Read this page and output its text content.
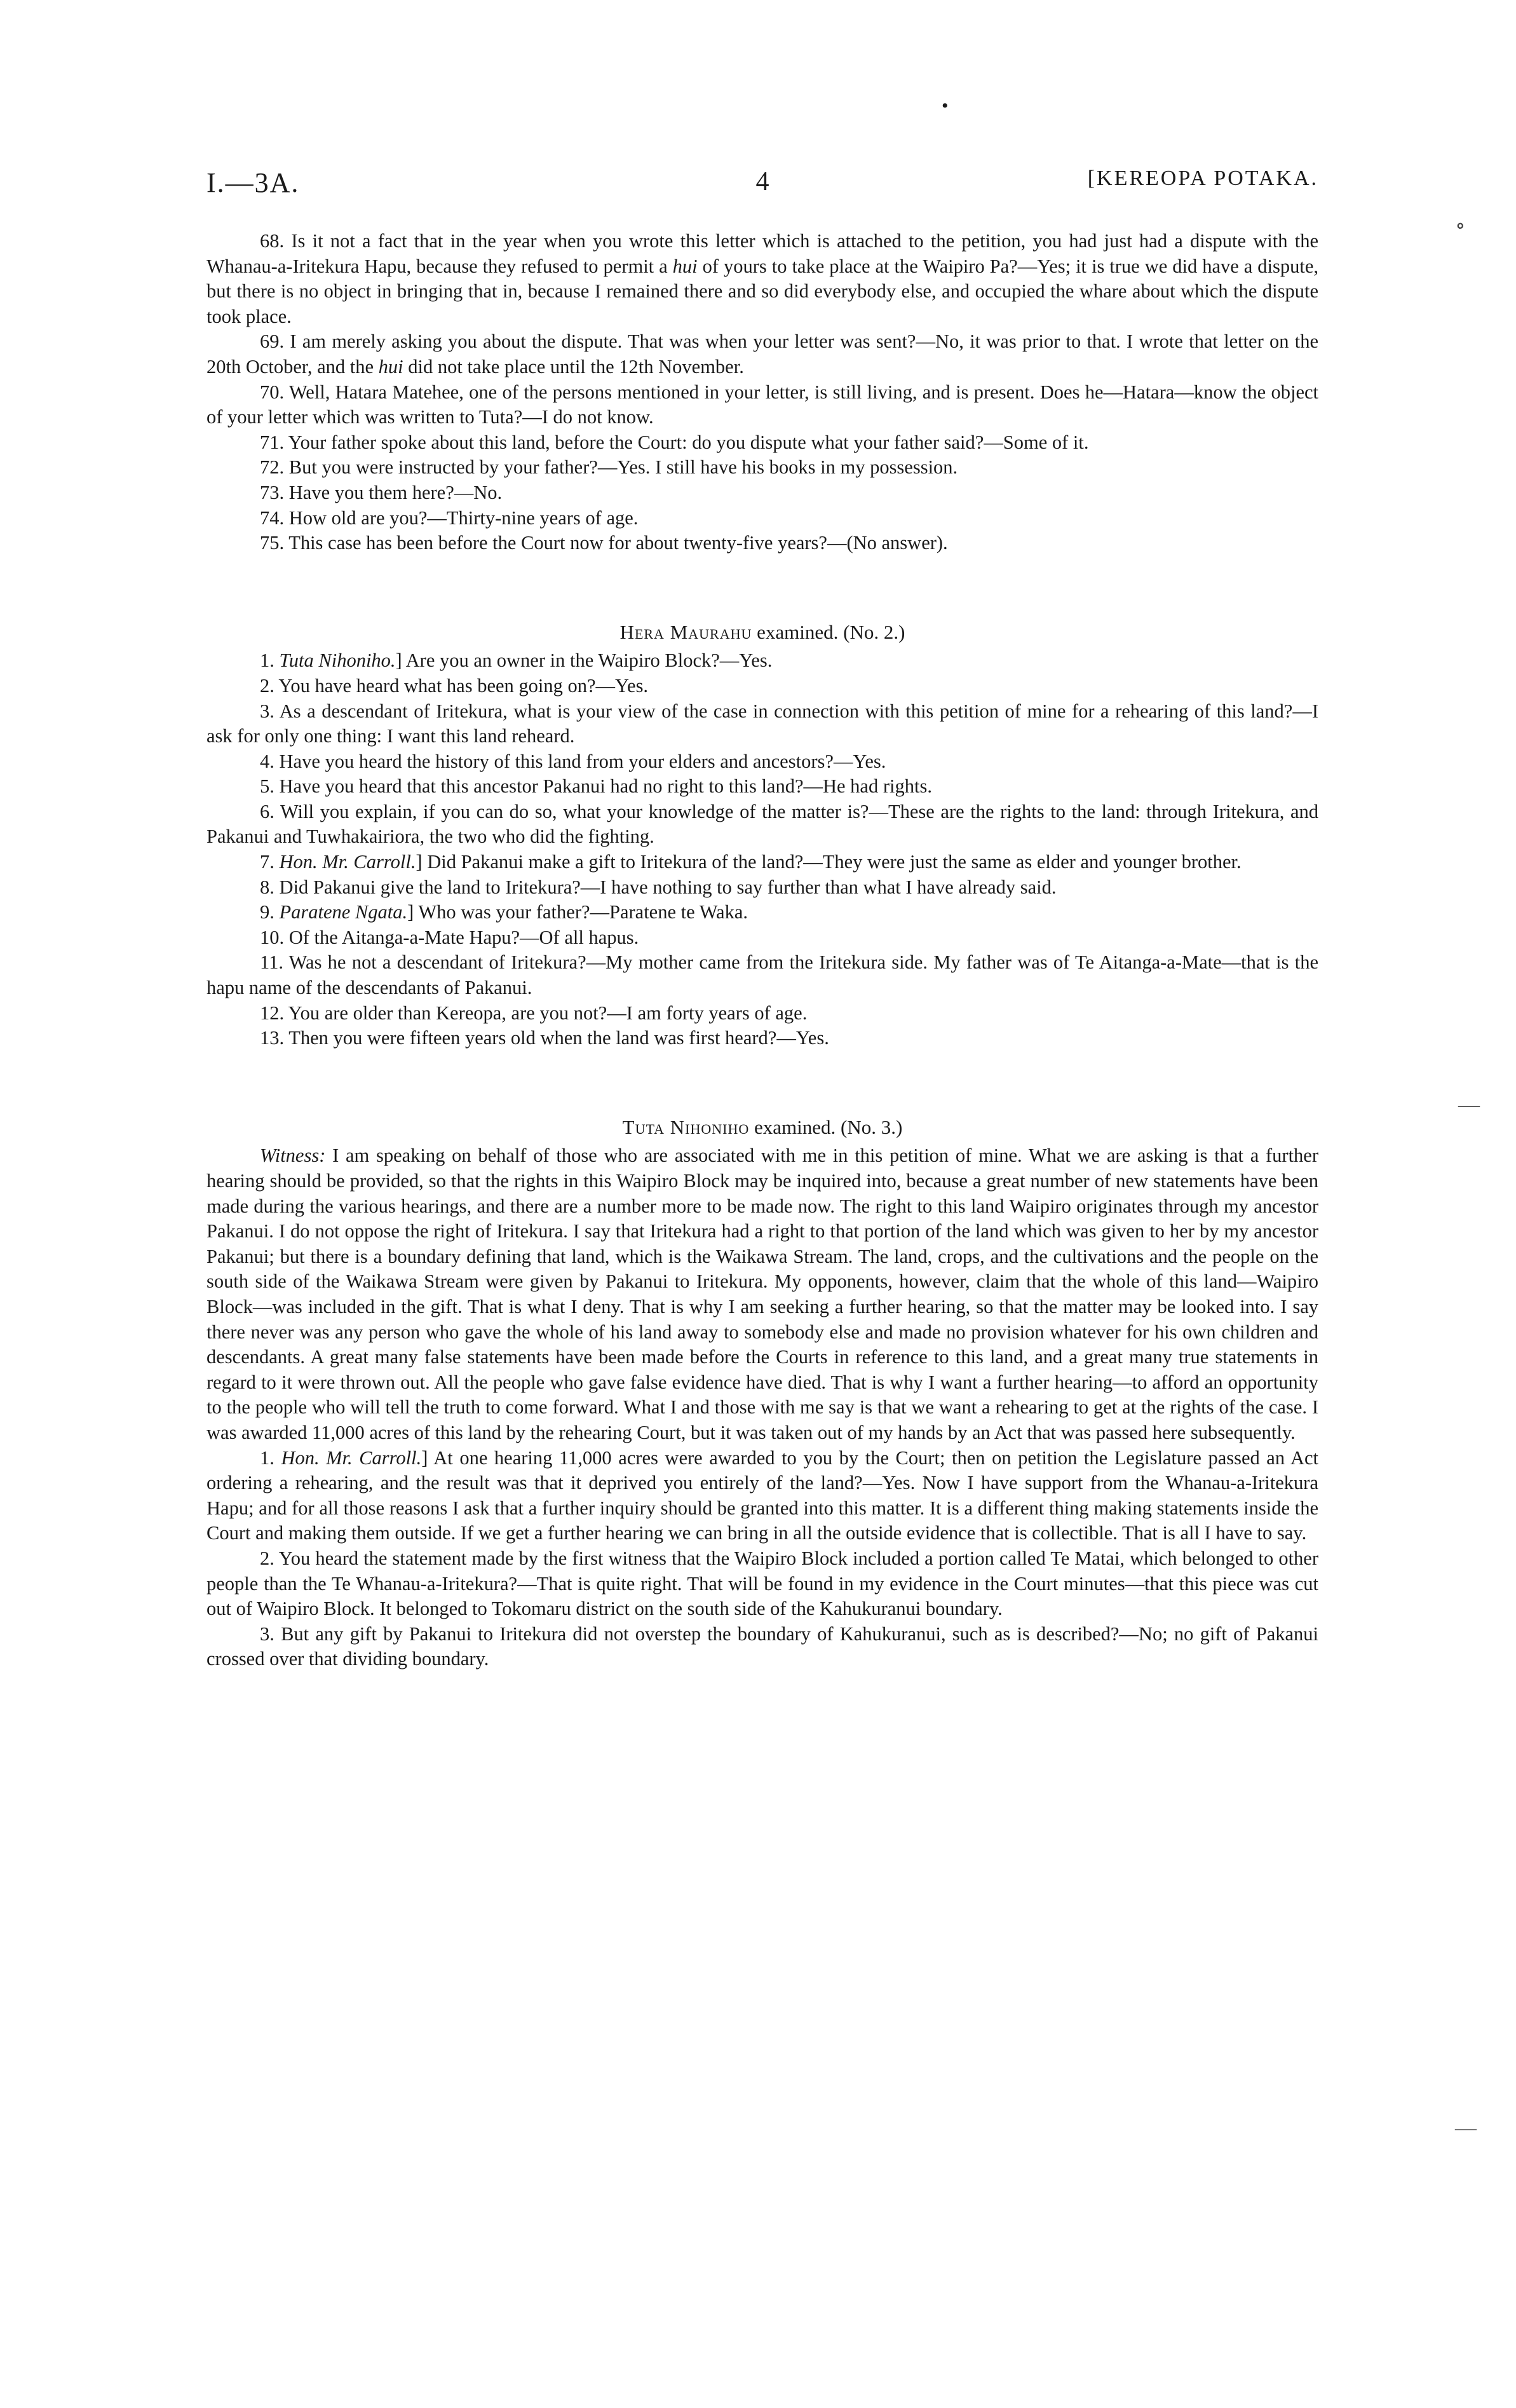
•
I.—3A.	4	[KEREOPA POTAKA.

68. Is it not a fact that in the year when you wrote this letter which is attached to the petition, you had just had a dispute with the Whanau-a-Iritekura Hapu, because they refused to permit a hui of yours to take place at the Waipiro Pa?—Yes; it is true we did have a dispute, but there is no object in bringing that in, because I remained there and so did everybody else, and occupied the whare about which the dispute took place.

69. I am merely asking you about the dispute. That was when your letter was sent?—No, it was prior to that. I wrote that letter on the 20th October, and the hui did not take place until the 12th November.

70. Well, Hatara Matehee, one of the persons mentioned in your letter, is still living, and is present. Does he—Hatara—know the object of your letter which was written to Tuta?—I do not know.

71. Your father spoke about this land, before the Court: do you dispute what your father said?—Some of it.

72. But you were instructed by your father?—Yes. I still have his books in my possession.

73. Have you them here?—No.

74. How old are you?—Thirty-nine years of age.

75. This case has been before the Court now for about twenty-five years?—(No answer).

Hera Maurahu examined. (No. 2.)

1. Tuta Nihoniho.] Are you an owner in the Waipiro Block?—Yes.

2. You have heard what has been going on?—Yes.

3. As a descendant of Iritekura, what is your view of the case in connection with this petition of mine for a rehearing of this land?—I ask for only one thing: I want this land reheard.

4. Have you heard the history of this land from your elders and ancestors?—Yes.

5. Have you heard that this ancestor Pakanui had no right to this land?—He had rights.

6. Will you explain, if you can do so, what your knowledge of the matter is?—These are the rights to the land: through Iritekura, and Pakanui and Tuwhakairiora, the two who did the fighting.

7. Hon. Mr. Carroll.] Did Pakanui make a gift to Iritekura of the land?—They were just the same as elder and younger brother.

8. Did Pakanui give the land to Iritekura?—I have nothing to say further than what I have already said.

9. Paratene Ngata.] Who was your father?—Paratene te Waka.

10. Of the Aitanga-a-Mate Hapu?—Of all hapus.

11. Was he not a descendant of Iritekura?—My mother came from the Iritekura side. My father was of Te Aitanga-a-Mate—that is the hapu name of the descendants of Pakanui.

12. You are older than Kereopa, are you not?—I am forty years of age.

13. Then you were fifteen years old when the land was first heard?—Yes.

Tuta Nihoniho examined. (No. 3.)

Witness: I am speaking on behalf of those who are associated with me in this petition of mine. What we are asking is that a further hearing should be provided, so that the rights in this Waipiro Block may be inquired into, because a great number of new statements have been made during the various hearings, and there are a number more to be made now. The right to this land Waipiro originates through my ancestor Pakanui. I do not oppose the right of Iritekura. I say that Iritekura had a right to that portion of the land which was given to her by my ancestor Pakanui; but there is a boundary defining that land, which is the Waikawa Stream. The land, crops, and the cultivations and the people on the south side of the Waikawa Stream were given by Pakanui to Iritekura. My opponents, however, claim that the whole of this land—Waipiro Block—was included in the gift. That is what I deny. That is why I am seeking a further hearing, so that the matter may be looked into. I say there never was any person who gave the whole of his land away to somebody else and made no provision whatever for his own children and descendants. A great many false statements have been made before the Courts in reference to this land, and a great many true statements in regard to it were thrown out. All the people who gave false evidence have died. That is why I want a further hearing—to afford an opportunity to the people who will tell the truth to come forward. What I and those with me say is that we want a rehearing to get at the rights of the case. I was awarded 11,000 acres of this land by the rehearing Court, but it was taken out of my hands by an Act that was passed here subsequently.

1. Hon. Mr. Carroll.] At one hearing 11,000 acres were awarded to you by the Court; then on petition the Legislature passed an Act ordering a rehearing, and the result was that it deprived you entirely of the land?—Yes. Now I have support from the Whanau-a-Iritekura Hapu; and for all those reasons I ask that a further inquiry should be granted into this matter. It is a different thing making statements inside the Court and making them outside. If we get a further hearing we can bring in all the outside evidence that is collectible. That is all I have to say.

2. You heard the statement made by the first witness that the Waipiro Block included a portion called Te Matai, which belonged to other people than the Te Whanau-a-Iritekura?—That is quite right. That will be found in my evidence in the Court minutes—that this piece was cut out of Waipiro Block. It belonged to Tokomaru district on the south side of the Kahukuranui boundary.

3. But any gift by Pakanui to Iritekura did not overstep the boundary of Kahukuranui, such as is described?—No; no gift of Pakanui crossed over that dividing boundary.

∘
—
—
